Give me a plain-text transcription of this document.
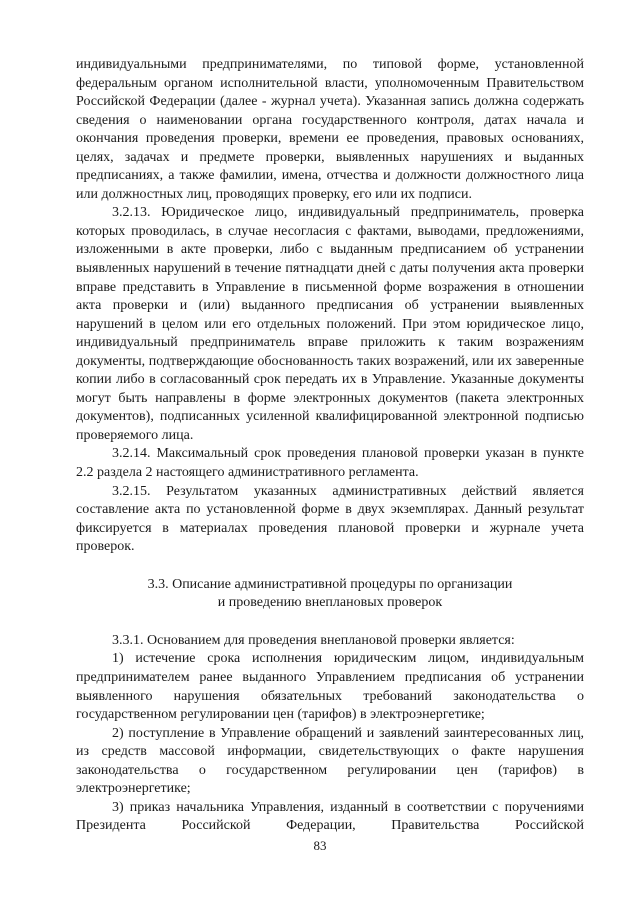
индивидуальными предпринимателями, по типовой форме, установленной федеральным органом исполнительной власти, уполномоченным Правительством Российской Федерации (далее - журнал учета). Указанная запись должна содержать сведения о наименовании органа государственного контроля, датах начала и окончания проведения проверки, времени ее проведения, правовых основаниях, целях, задачах и предмете проверки, выявленных нарушениях и выданных предписаниях, а также фамилии, имена, отчества и должности должностного лица или должностных лиц, проводящих проверку, его или их подписи.

3.2.13. Юридическое лицо, индивидуальный предприниматель, проверка которых проводилась, в случае несогласия с фактами, выводами, предложениями, изложенными в акте проверки, либо с выданным предписанием об устранении выявленных нарушений в течение пятнадцати дней с даты получения акта проверки вправе представить в Управление в письменной форме возражения в отношении акта проверки и (или) выданного предписания об устранении выявленных нарушений в целом или его отдельных положений. При этом юридическое лицо, индивидуальный предприниматель вправе приложить к таким возражениям документы, подтверждающие обоснованность таких возражений, или их заверенные копии либо в согласованный срок передать их в Управление. Указанные документы могут быть направлены в форме электронных документов (пакета электронных документов), подписанных усиленной квалифицированной электронной подписью проверяемого лица.

3.2.14. Максимальный срок проведения плановой проверки указан в пункте 2.2 раздела 2 настоящего административного регламента.

3.2.15. Результатом указанных административных действий является составление акта по установленной форме в двух экземплярах. Данный результат фиксируется в материалах проведения плановой проверки и журнале учета проверок.

3.3. Описание административной процедуры по организации
и проведению внеплановых проверок

3.3.1. Основанием для проведения внеплановой проверки является:

1) истечение срока исполнения юридическим лицом, индивидуальным предпринимателем ранее выданного Управлением предписания об устранении выявленного нарушения обязательных требований законодательства о государственном регулировании цен (тарифов) в электроэнергетике;

2) поступление в Управление обращений и заявлений заинтересованных лиц, из средств массовой информации, свидетельствующих о факте нарушения законодательства о государственном регулировании цен (тарифов) в электроэнергетике;

3) приказ начальника Управления, изданный в соответствии с поручениями Президента Российской Федерации, Правительства Российской

83
